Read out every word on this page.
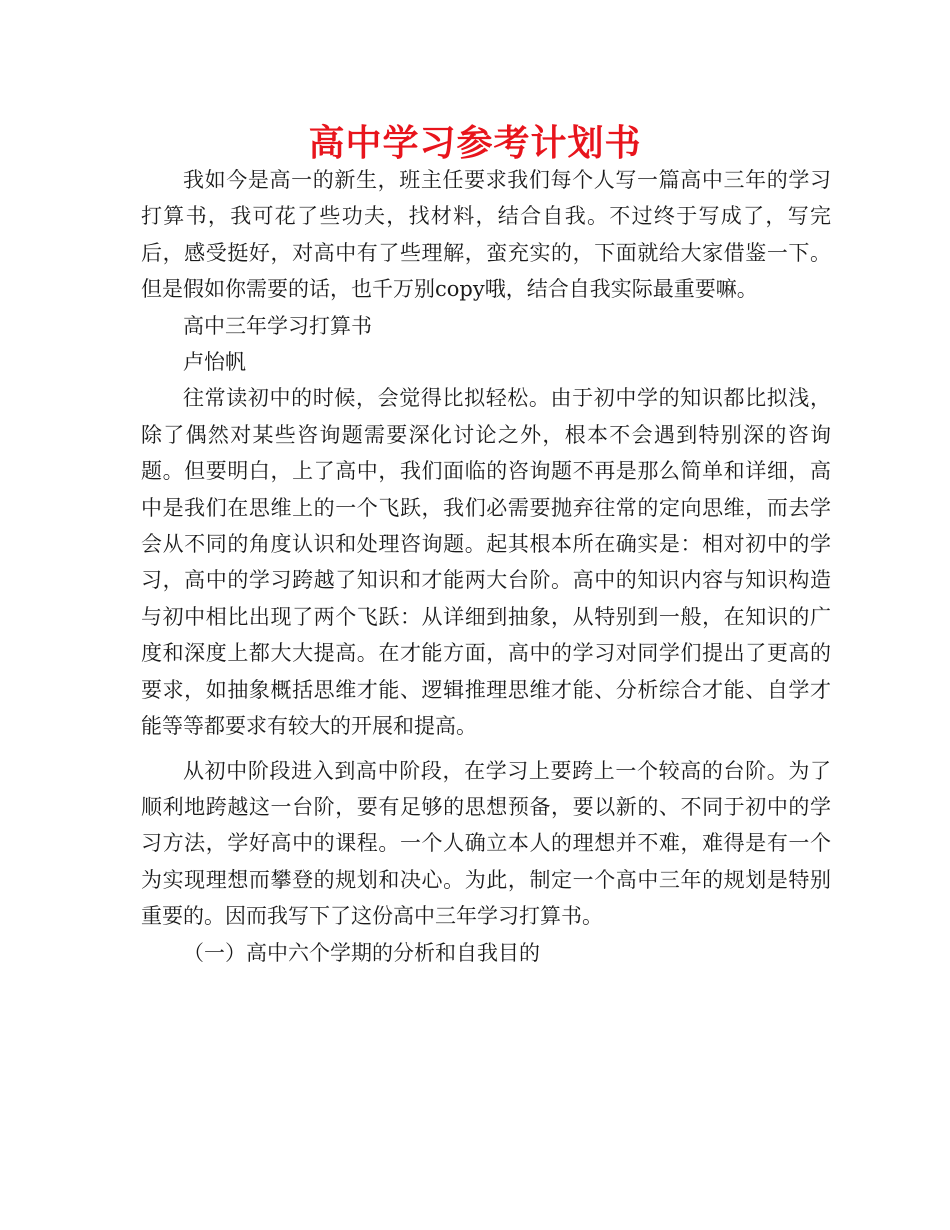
高中学习参考计划书

我如今是高一的新生，班主任要求我们每个人写一篇高中三年的学习打算书，我可花了些功夫，找材料，结合自我。不过终于写成了，写完后，感受挺好，对高中有了些理解，蛮充实的，下面就给大家借鉴一下。但是假如你需要的话，也千万别copy哦，结合自我实际最重要嘛。

高中三年学习打算书

卢怡帆

往常读初中的时候，会觉得比拟轻松。由于初中学的知识都比拟浅，除了偶然对某些咨询题需要深化讨论之外，根本不会遇到特别深的咨询题。但要明白，上了高中，我们面临的咨询题不再是那么简单和详细，高中是我们在思维上的一个飞跃，我们必需要抛弃往常的定向思维，而去学会从不同的角度认识和处理咨询题。起其根本所在确实是：相对初中的学习，高中的学习跨越了知识和才能两大台阶。高中的知识内容与知识构造与初中相比出现了两个飞跃：从详细到抽象，从特别到一般，在知识的广度和深度上都大大提高。在才能方面，高中的学习对同学们提出了更高的要求，如抽象概括思维才能、逻辑推理思维才能、分析综合才能、自学才能等等都要求有较大的开展和提高。

从初中阶段进入到高中阶段，在学习上要跨上一个较高的台阶。为了顺利地跨越这一台阶，要有足够的思想预备，要以新的、不同于初中的学习方法，学好高中的课程。一个人确立本人的理想并不难，难得是有一个为实现理想而攀登的规划和决心。为此，制定一个高中三年的规划是特别重要的。因而我写下了这份高中三年学习打算书。

（一）高中六个学期的分析和自我目的
